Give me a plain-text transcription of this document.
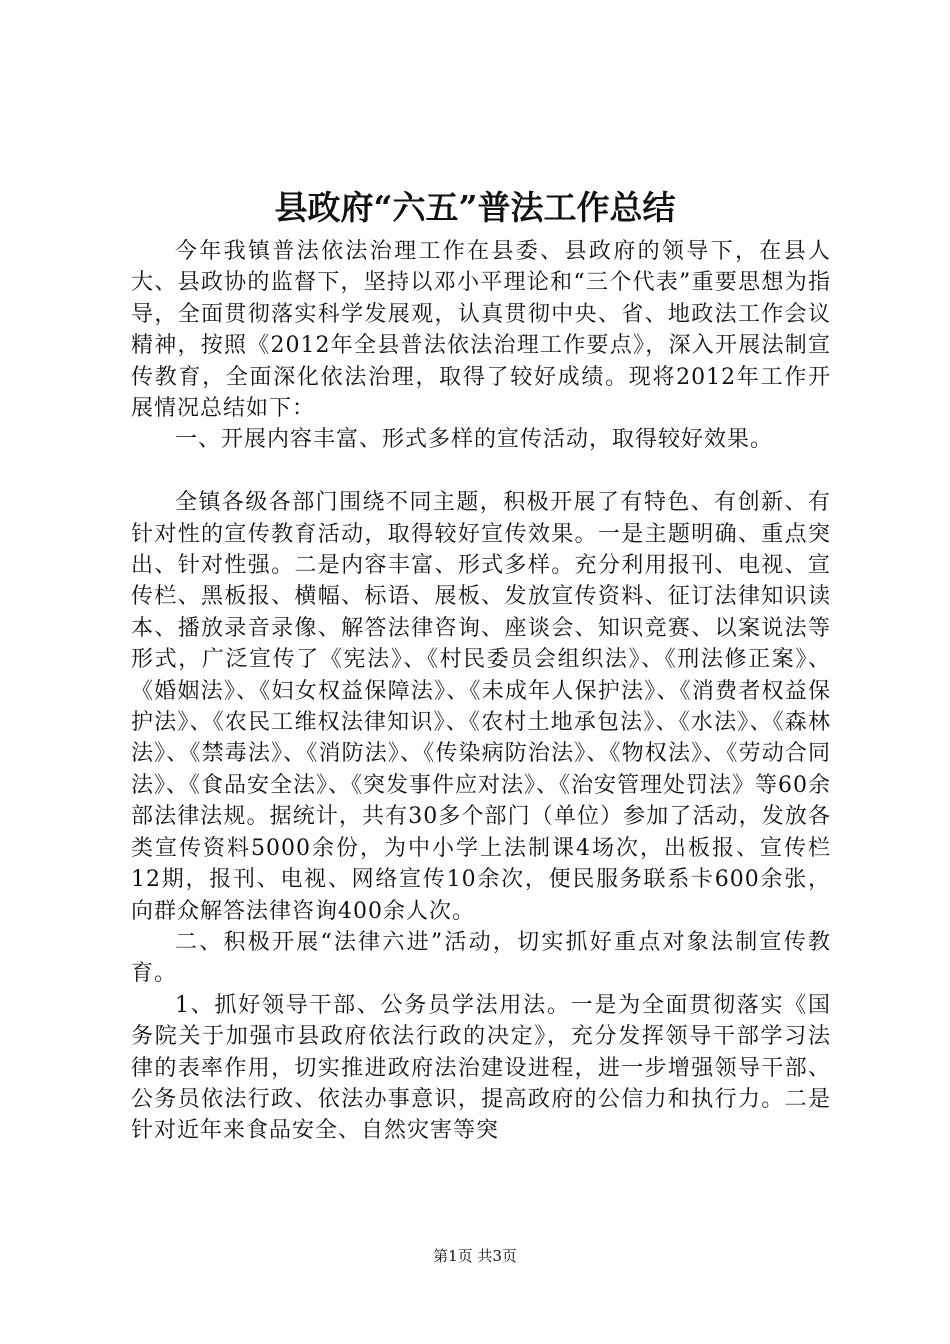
县政府“六五”普法工作总结

今年我镇普法依法治理工作在县委、县政府的领导下，在县人大、县政协的监督下，坚持以邓小平理论和“三个代表”重要思想为指导，全面贯彻落实科学发展观，认真贯彻中央、省、地政法工作会议精神，按照《2012年全县普法依法治理工作要点》，深入开展法制宣传教育，全面深化依法治理，取得了较好成绩。现将2012年工作开展情况总结如下：

一、开展内容丰富、形式多样的宣传活动，取得较好效果。

全镇各级各部门围绕不同主题，积极开展了有特色、有创新、有针对性的宣传教育活动，取得较好宣传效果。一是主题明确、重点突出、针对性强。二是内容丰富、形式多样。充分利用报刊、电视、宣传栏、黑板报、横幅、标语、展板、发放宣传资料、征订法律知识读本、播放录音录像、解答法律咨询、座谈会、知识竞赛、以案说法等形式，广泛宣传了《宪法》、《村民委员会组织法》、《刑法修正案》、《婚姻法》、《妇女权益保障法》、《未成年人保护法》、《消费者权益保护法》、《农民工维权法律知识》、《农村土地承包法》、《水法》、《森林法》、《禁毒法》、《消防法》、《传染病防治法》、《物权法》、《劳动合同法》、《食品安全法》、《突发事件应对法》、《治安管理处罚法》等60余部法律法规。据统计，共有30多个部门（单位）参加了活动，发放各类宣传资料5000余份，为中小学上法制课4场次，出板报、宣传栏12期，报刊、电视、网络宣传10余次，便民服务联系卡600余张，向群众解答法律咨询400余人次。

二、积极开展“法律六进”活动，切实抓好重点对象法制宣传教育。

1、抓好领导干部、公务员学法用法。一是为全面贯彻落实《国务院关于加强市县政府依法行政的决定》，充分发挥领导干部学习法律的表率作用，切实推进政府法治建设进程，进一步增强领导干部、公务员依法行政、依法办事意识，提高政府的公信力和执行力。二是针对近年来食品安全、自然灾害等突

第1页 共3页
